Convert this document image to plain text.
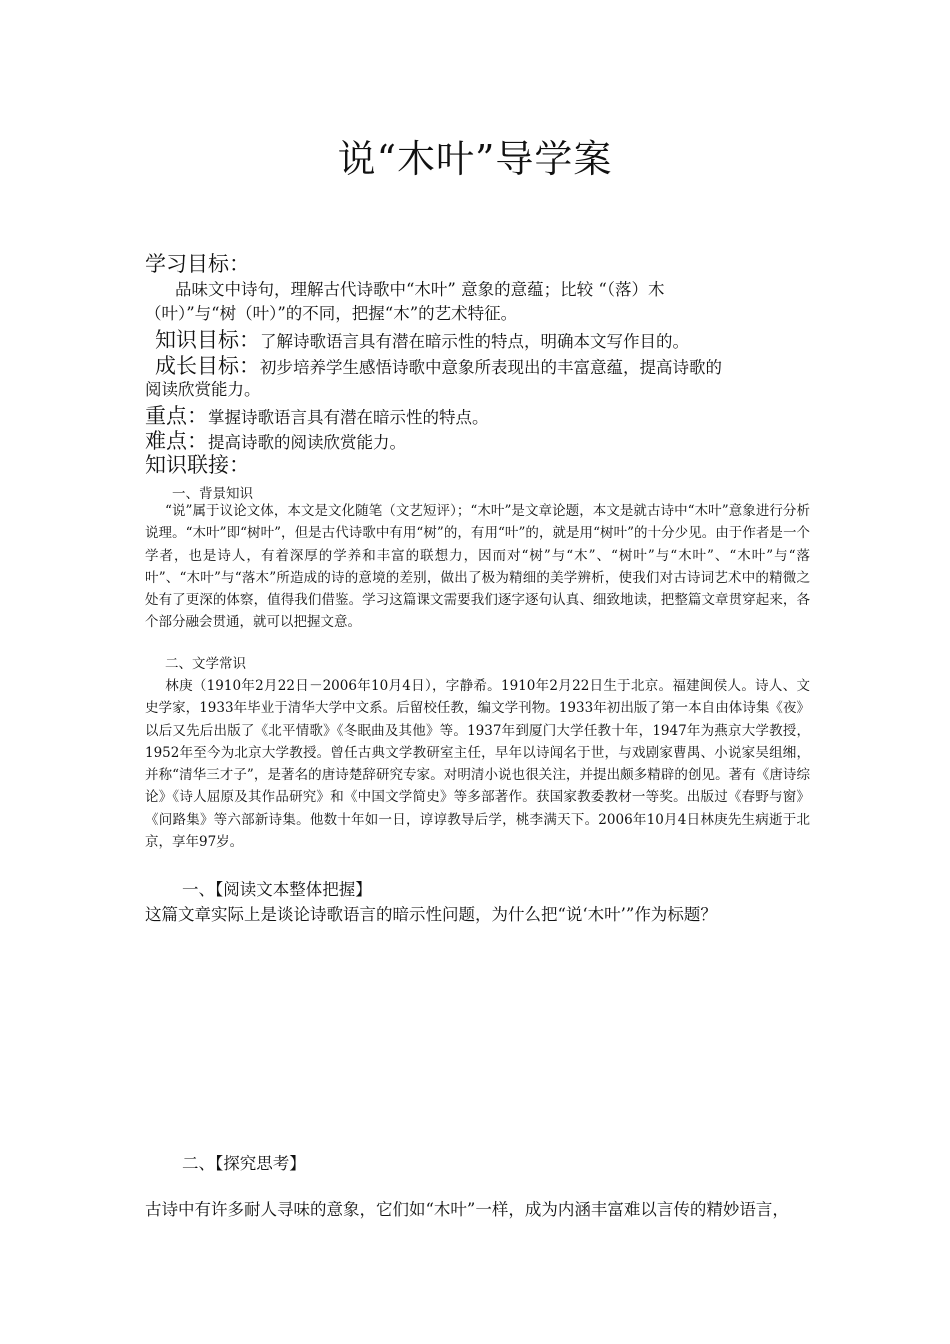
说“木叶”导学案
学习目标：
品味文中诗句，理解古代诗歌中“木叶” 意象的意蕴；比较 “（落）木
（叶）”与“树（叶）”的不同，把握“木”的艺术特征。
知识目标：了解诗歌语言具有潜在暗示性的特点，明确本文写作目的。
成长目标：初步培养学生感悟诗歌中意象所表现出的丰富意蕴，提高诗歌的
阅读欣赏能力。
重点：掌握诗歌语言具有潜在暗示性的特点。
难点：提高诗歌的阅读欣赏能力。
知识联接：
一、背景知识
“说”属于议论文体，本文是文化随笔（文艺短评）；“木叶”是文章论题，本文是就古诗中“木叶”意象进行分析说理。“木叶”即“树叶”，但是古代诗歌中有用“树”的，有用“叶”的，就是用“树叶”的十分少见。由于作者是一个学者，也是诗人，有着深厚的学养和丰富的联想力，因而对“树”与“木”、“树叶”与“木叶”、“木叶”与“落叶”、“木叶”与“落木”所造成的诗的意境的差别，做出了极为精细的美学辨析，使我们对古诗词艺术中的精微之处有了更深的体察，值得我们借鉴。学习这篇课文需要我们逐字逐句认真、细致地读，把整篇文章贯穿起来，各个部分融会贯通，就可以把握文意。
二、文学常识
林庚（1910年2月22日－2006年10月4日），字静希。1910年2月22日生于北京。福建闽侯人。诗人、文史学家，1933年毕业于清华大学中文系。后留校任教，编文学刊物。1933年初出版了第一本自由体诗集《夜》以后又先后出版了《北平情歌》《冬眠曲及其他》等。1937年到厦门大学任教十年，1947年为燕京大学教授，1952年至今为北京大学教授。曾任古典文学教研室主任，早年以诗闻名于世，与戏剧家曹禺、小说家吴组缃，并称“清华三才子”，是著名的唐诗楚辞研究专家。对明清小说也很关注，并提出颇多精辟的创见。著有《唐诗综论》《诗人屈原及其作品研究》和《中国文学简史》等多部著作。获国家教委教材一等奖。出版过《春野与窗》《问路集》等六部新诗集。他数十年如一日，谆谆教导后学，桃李满天下。2006年10月4日林庚先生病逝于北京，享年97岁。
一、【阅读文本整体把握】
这篇文章实际上是谈论诗歌语言的暗示性问题，为什么把“说‘木叶’”作为标题？
二、【探究思考】
古诗中有许多耐人寻味的意象，它们如“木叶”一样，成为内涵丰富难以言传的精妙语言，
